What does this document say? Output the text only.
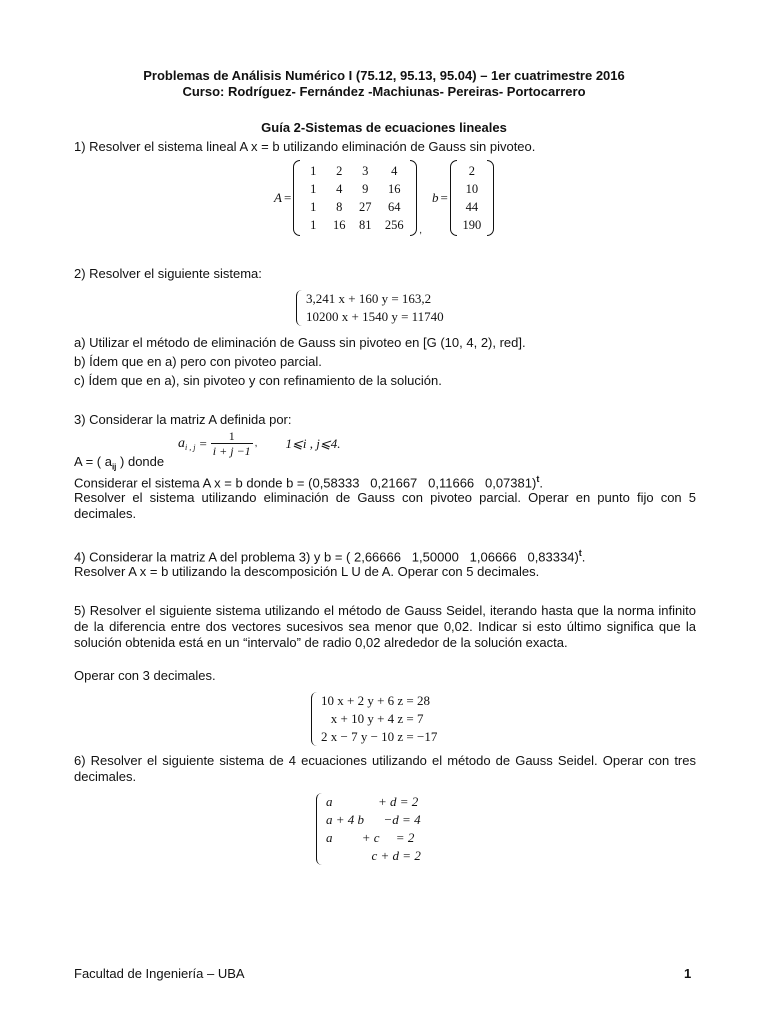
Problemas de Análisis Numérico I (75.12, 95.13, 95.04) – 1er cuatrimestre 2016
Curso: Rodríguez- Fernández -Machiunas- Pereiras- Portocarrero
Guía 2-Sistemas de ecuaciones lineales
1) Resolver el sistema lineal A x = b utilizando eliminación de Gauss sin pivoteo.
A =
1	2	3	4
1	4	9	16
1	8	27	64
1	16	81	256 ,
b =
2
10
44
190
2) Resolver el siguiente sistema:
3,241 x + 160 y = 163,2
10200 x + 1540 y = 11740
a) Utilizar el método de eliminación de Gauss sin pivoteo en [G (10, 4, 2), red].
b) Ídem que en a) pero con pivoteo parcial.
c) Ídem que en a), sin pivoteo y con refinamiento de la solución.
3) Considerar la matriz A definida por:
a i , $j = \frac{1}{i + j -1}$ , 1⩽i , j⩽4.
A = ( $a_{ij}$ ) donde
Considerar el sistema A x = b donde b = (0,58333   0,21667   0,11666   0,07381)$^t$.
Resolver el sistema utilizando eliminación de Gauss con pivoteo parcial. Operar en punto fijo con 5 decimales.
4) Considerar la matriz A del problema 3) y b = ( 2,66666   1,50000   1,06666   0,83334)$^t$.
Resolver A x = b utilizando la descomposición L U de A. Operar con 5 decimales.
5) Resolver el siguiente sistema utilizando el método de Gauss Seidel, iterando hasta que la norma infinito de la diferencia entre dos vectores sucesivos sea menor que 0,02. Indicar si esto último significa que la solución obtenida está en un “intervalo” de radio 0,02 alrededor de la solución exacta.
Operar con 3 decimales.
10 x + 2 y + 6 z = 28
x + 10 y + 4 z = 7
2 x − 7 y − 10 z = −17
6) Resolver el siguiente sistema de 4 ecuaciones utilizando el método de Gauss Seidel. Operar con tres decimales.
a              + d = 2
a + 4 b      −d = 4
a         + c     = 2
c + d = 2
Facultad de Ingeniería – UBA	1
